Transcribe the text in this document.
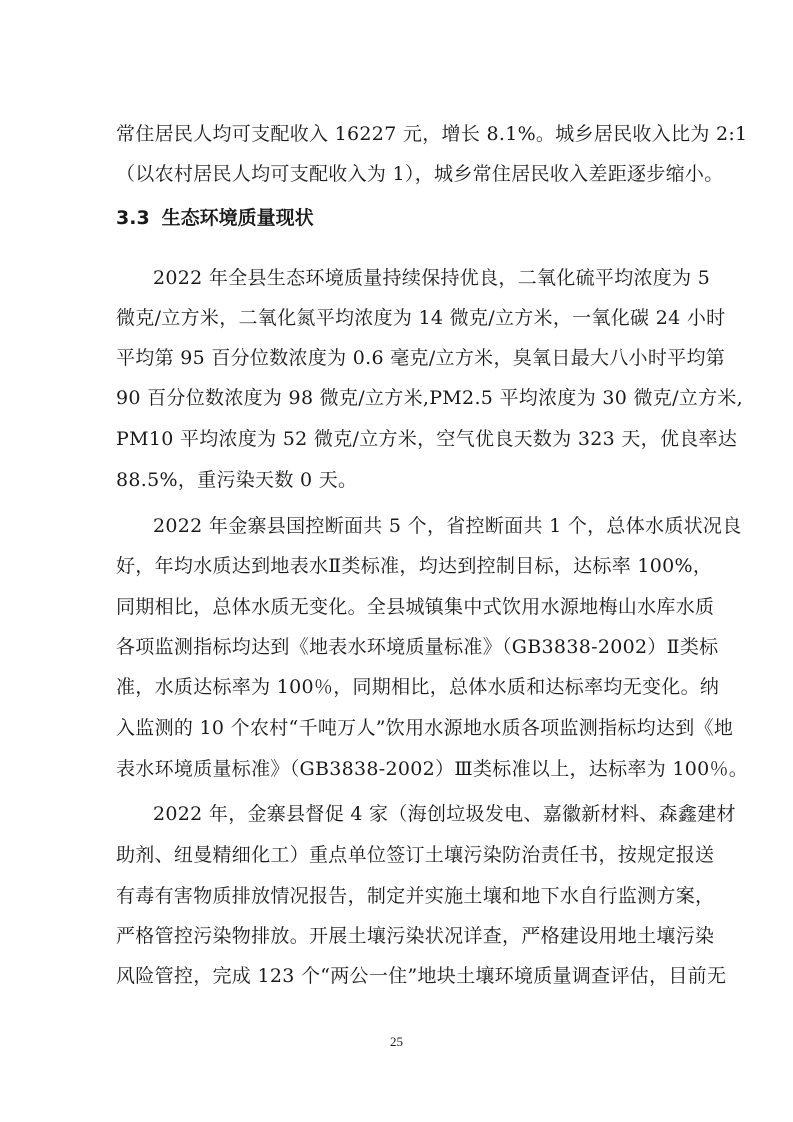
常住居民人均可支配收入 16227 元，增长 8.1%。城乡居民收入比为 2:1
（以农村居民人均可支配收入为 1），城乡常住居民收入差距逐步缩小。
3.3 生态环境质量现状
2022 年全县生态环境质量持续保持优良，二氧化硫平均浓度为 5
微克/立方米，二氧化氮平均浓度为 14 微克/立方米，一氧化碳 24 小时
平均第 95 百分位数浓度为 0.6 毫克/立方米，臭氧日最大八小时平均第
90 百分位数浓度为 98 微克/立方米,PM2.5 平均浓度为 30 微克/立方米,
PM10 平均浓度为 52 微克/立方米，空气优良天数为 323 天，优良率达
88.5%，重污染天数 0 天。
2022 年金寨县国控断面共 5 个，省控断面共 1 个，总体水质状况良
好，年均水质达到地表水Ⅱ类标准，均达到控制目标，达标率 100%，
同期相比，总体水质无变化。全县城镇集中式饮用水源地梅山水库水质
各项监测指标均达到《地表水环境质量标准》（GB3838-2002）Ⅱ类标
准，水质达标率为 100％，同期相比，总体水质和达标率均无变化。纳
入监测的 10 个农村“千吨万人”饮用水源地水质各项监测指标均达到《地
表水环境质量标准》（GB3838-2002）Ⅲ类标准以上，达标率为 100％。
2022 年，金寨县督促 4 家（海创垃圾发电、嘉徽新材料、森鑫建材
助剂、纽曼精细化工）重点单位签订土壤污染防治责任书，按规定报送
有毒有害物质排放情况报告，制定并实施土壤和地下水自行监测方案，
严格管控污染物排放。开展土壤污染状况详查，严格建设用地土壤污染
风险管控，完成 123 个“两公一住”地块土壤环境质量调查评估，目前无
25
